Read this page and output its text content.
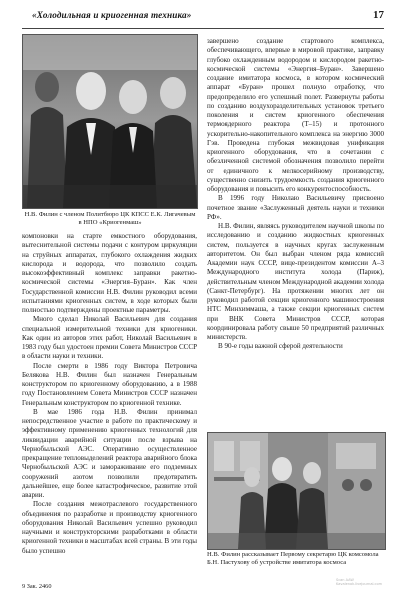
«Холодильная и криогенная техника»	17
Н.В. Филин с членом Политбюро ЦК КПСС Е.К. Лигачевым в НПО «Криогенмаш»

компоновки на старте емкостного оборудования, вытеснительной системы подачи с контуром циркуляции на струйных аппаратах, глубокого охлаждения жидких кислорода и водорода, что позволило создать высокоэффективный комплекс заправки ракетно-космической системы «Энергия–Буран». Как член Государственной комиссии Н.В. Филин руководил всеми испытаниями криогенных систем, в ходе которых были полностью подтверждены проектные параметры.

Много сделал Николай Васильевич для создания специальной измерительной техники для криогеники. Как один из авторов этих работ, Николай Васильевич в 1983 году был удостоен премии Совета Министров СССР в области науки и техники.

После смерти в 1986 году Виктора Петровича Белякова Н.В. Филин был назначен Генеральным конструктором по криогенному оборудованию, а в 1988 году Постановлением Совета Министров СССР назначен Генеральным конструктором по криогенной технике.

В мае 1986 года Н.В. Филин принимал непосредственное участие в работе по практическому и эффективному применению криогенных технологий для ликвидации аварийной ситуации после взрыва на Чернобыльской АЭС. Оперативно осуществленное прекращение тепловыделений реактора аварийного блока Чернобыльской АЭС и замораживание его подземных сооружений азотом позволили предотвратить дальнейшее, еще более катастрофическое, развитие этой аварии.

После создания межотраслевого государственного объединения по разработке и производству криогенного оборудования Николай Васильевич успешно руководил научными и конструкторскими разработками в области криогенной техники в масштабах всей страны. В эти годы было успешно

завершено создание стартового комплекса, обеспечивающего, впервые в мировой практике, заправку глубоко охлажденным водородом и кислородом ракетно-космической системы «Энергия–Буран». Завершено создание имитатора космоса, в котором космический аппарат «Буран» прошел полную отработку, что предопределило его успешный полет. Развернуты работы по созданию воздухоразделительных установок третьего поколения и систем криогенного обеспечения термоядерного реактора (Т–15) и протонного ускорительно-накопительного комплекса на энергию 3000 Гэв. Проведена глубокая межвидовая унификация криогенного оборудования, что в сочетании с обезличенной системой обозначения позволило перейти от единичного к мелкосерийному производству, существенно снизить трудоемкость создания криогенного оборудования и повысить его конкурентоспособность.

В 1996 году Николаю Васильевичу присвоено почетное звание «Заслуженный деятель науки и техники РФ».

Н.В. Филин, являясь руководителем научной школы по исследованию и созданию жидкостных криогенных систем, пользуется в научных кругах заслуженным авторитетом. Он был выбран членом ряда комиссий Академии наук СССР, вице-президентом комиссии А–3 Международного института холода (Париж), действительным членом Международной академии холода (Санкт-Петербург). На протяжении многих лет он руководил работой секции криогенного машиностроения НТС Минхиммаша, а также секции криогенных систем при ВНК Совета Министров СССР, которая координировала работу свыше 50 предприятий различных министерств.

В 90-е годы важной сферой деятельности

Н.В. Филин рассказывает Первому секретарю ЦК комсомола Б.Н. Пастухову об устройстве имитатора космоса
9 Зак. 2460
Scan AAW
Kavalenok.livejournal.com
